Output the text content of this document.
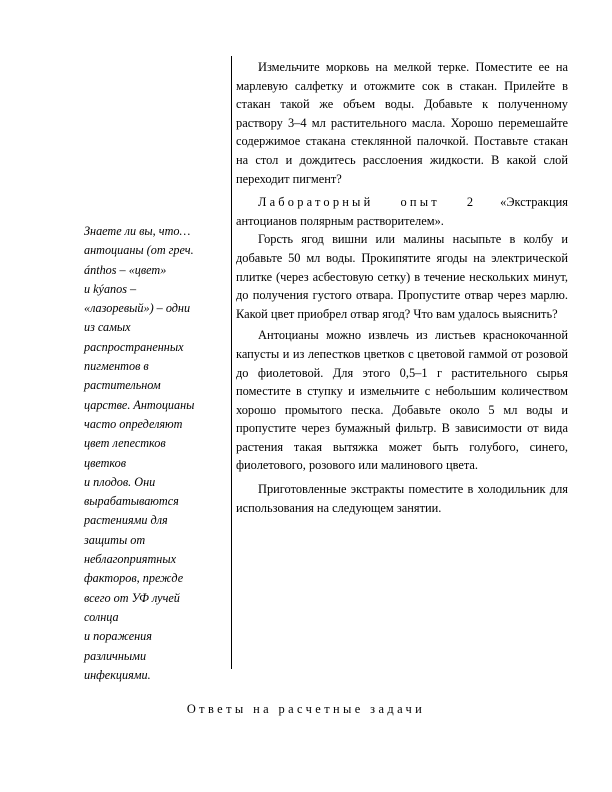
Знаете ли вы, что…
антоцианы (от греч.
ánthos – «цвет»
и kýanos –
«лазоревый») – одни
из самых
распространенных
пигментов в
растительном
царстве. Антоцианы
часто определяют
цвет лепестков
цветков
и плодов. Они
вырабатываются
растениями для
защиты от
неблагоприятных
факторов, прежде
всего от УФ лучей
солнца
и поражения
различными
инфекциями.

Измельчите морковь на мелкой терке. Поместите ее на марлевую салфетку и отожмите сок в стакан. Прилейте в стакан такой же объем воды. Добавьте к полученному раствору 3–4 мл растительного масла. Хорошо перемешайте содержимое стакана стеклянной палочкой. Поставьте стакан на стол и дождитесь расслоения жидкости. В какой слой переходит пигмент?

Лабораторный опыт 2 «Экстракция антоцианов полярным растворителем».

Горсть ягод вишни или малины насыпьте в колбу и добавьте 50 мл воды. Прокипятите ягоды на электрической плитке (через асбестовую сетку) в течение нескольких минут, до получения густого отвара. Пропустите отвар через марлю. Какой цвет приобрел отвар ягод? Что вам удалось выяснить?

Антоцианы можно извлечь из листьев краснокочанной капусты и из лепестков цветков с цветовой гаммой от розовой до фиолетовой. Для этого 0,5–1 г растительного сырья поместите в ступку и измельчите с небольшим количеством хорошо промытого песка. Добавьте около 5 мл воды и пропустите через бумажный фильтр. В зависимости от вида растения такая вытяжка может быть голубого, синего, фиолетового, розового или малинового цвета.

Приготовленные экстракты поместите в холодильник для использования на следующем занятии.

Ответы на расчетные задачи
